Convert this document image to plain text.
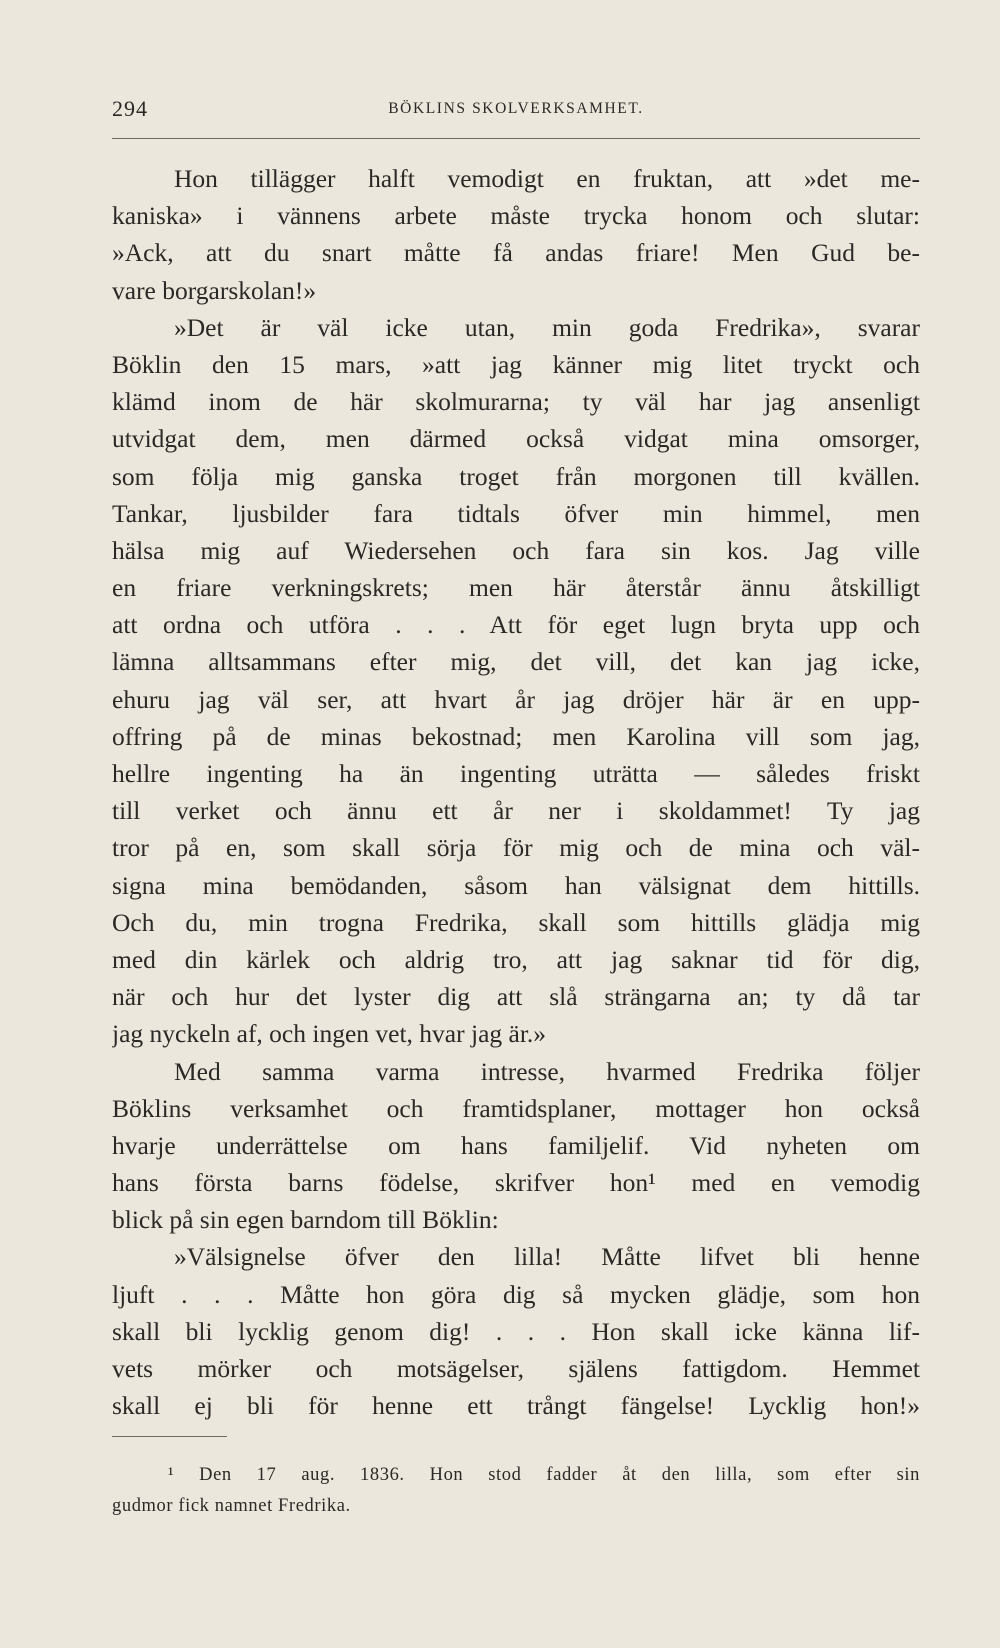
294	BÖKLINS SKOLVERKSAMHET.
Hon tillägger halft vemodigt en fruktan, att »det me-
kaniska» i vännens arbete måste trycka honom och slutar:
»Ack, att du snart måtte få andas friare! Men Gud be-
vare borgarskolan!»
»Det är väl icke utan, min goda Fredrika», svarar
Böklin den 15 mars, »att jag känner mig litet tryckt och
klämd inom de här skolmurarna; ty väl har jag ansenligt
utvidgat dem, men därmed också vidgat mina omsorger,
som följa mig ganska troget från morgonen till kvällen.
Tankar, ljusbilder fara tidtals öfver min himmel, men
hälsa mig auf Wiedersehen och fara sin kos. Jag ville
en friare verkningskrets; men här återstår ännu åtskilligt
att ordna och utföra . . . Att för eget lugn bryta upp och
lämna alltsammans efter mig, det vill, det kan jag icke,
ehuru jag väl ser, att hvart år jag dröjer här är en upp-
offring på de minas bekostnad; men Karolina vill som jag,
hellre ingenting ha än ingenting uträtta — således friskt
till verket och ännu ett år ner i skoldammet! Ty jag
tror på en, som skall sörja för mig och de mina och väl-
signa mina bemödanden, såsom han välsignat dem hittills.
Och du, min trogna Fredrika, skall som hittills glädja mig
med din kärlek och aldrig tro, att jag saknar tid för dig,
när och hur det lyster dig att slå strängarna an; ty då tar
jag nyckeln af, och ingen vet, hvar jag är.»
Med samma varma intresse, hvarmed Fredrika följer
Böklins verksamhet och framtidsplaner, mottager hon också
hvarje underrättelse om hans familjelif. Vid nyheten om
hans första barns födelse, skrifver hon¹ med en vemodig
blick på sin egen barndom till Böklin:
»Välsignelse öfver den lilla! Måtte lifvet bli henne
ljuft . . . Måtte hon göra dig så mycken glädje, som hon
skall bli lycklig genom dig! . . . Hon skall icke känna lif-
vets mörker och motsägelser, själens fattigdom. Hemmet
skall ej bli för henne ett trångt fängelse! Lycklig hon!»
¹ Den 17 aug. 1836. Hon stod fadder åt den lilla, som efter sin
gudmor fick namnet Fredrika.
